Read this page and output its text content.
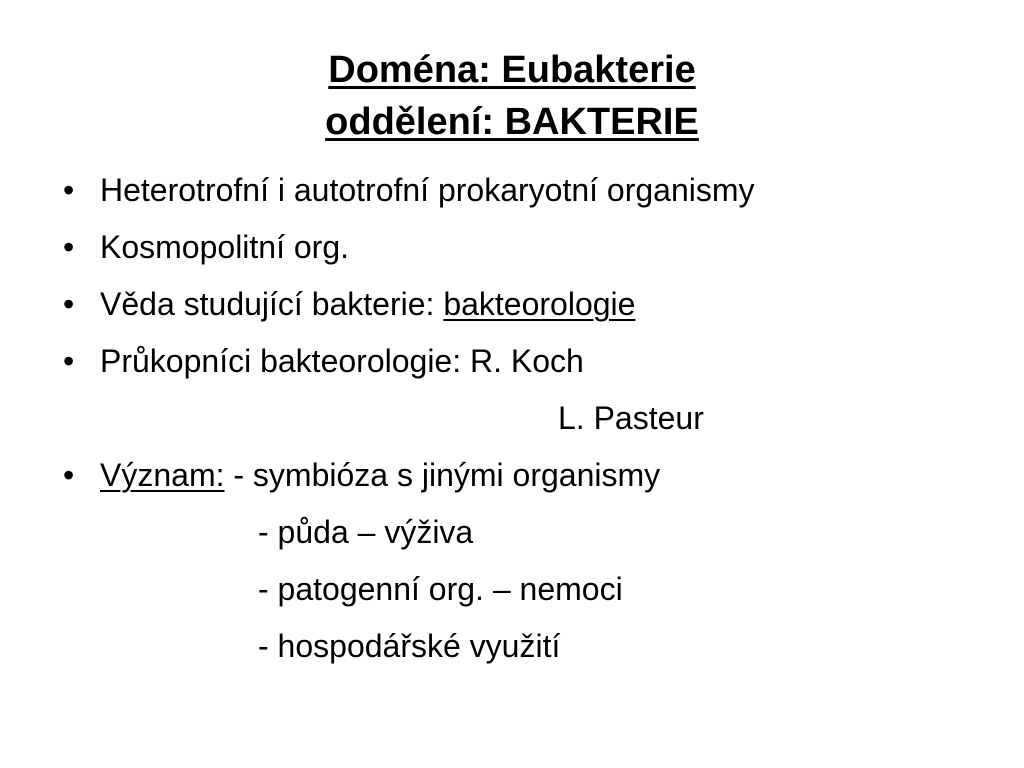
Doména: Eubakterie
oddělení: BAKTERIE
• Heterotrofní i autotrofní prokaryotní organismy
• Kosmopolitní org.
• Věda studující bakterie: bakteorologie
• Průkopníci bakteorologie: R. Koch
L. Pasteur
• Význam: - symbióza s jinými organismy
- půda – výživa
- patogenní org. – nemoci
- hospodářské využití
